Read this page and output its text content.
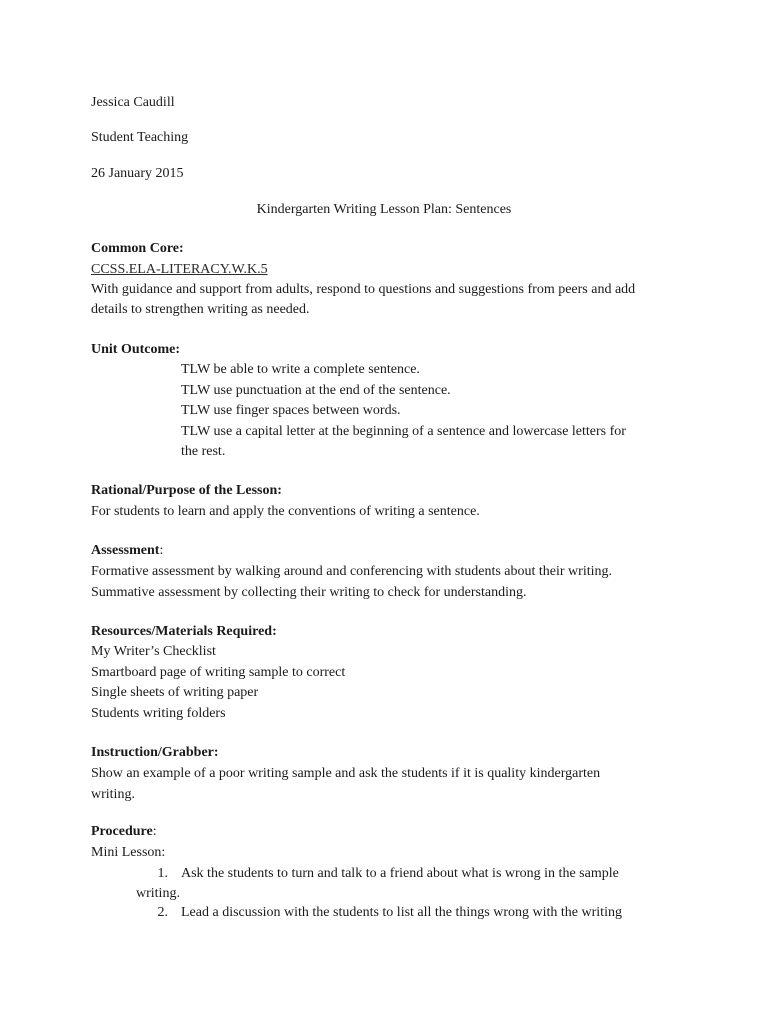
Jessica Caudill
Student Teaching
26 January 2015
Kindergarten Writing Lesson Plan: Sentences
Common Core:
CCSS.ELA-LITERACY.W.K.5
With guidance and support from adults, respond to questions and suggestions from peers and add
details to strengthen writing as needed.
Unit Outcome:
TLW be able to write a complete sentence.
TLW use punctuation at the end of the sentence.
TLW use finger spaces between words.
TLW use a capital letter at the beginning of a sentence and lowercase letters for
the rest.
Rational/Purpose of the Lesson:
For students to learn and apply the conventions of writing a sentence.
Assessment:
Formative assessment by walking around and conferencing with students about their writing.
Summative assessment by collecting their writing to check for understanding.
Resources/Materials Required:
My Writer’s Checklist
Smartboard page of writing sample to correct
Single sheets of writing paper
Students writing folders
Instruction/Grabber:
Show an example of a poor writing sample and ask the students if it is quality kindergarten
writing.
Procedure:
Mini Lesson:
1. Ask the students to turn and talk to a friend about what is wrong in the sample
writing.
2. Lead a discussion with the students to list all the things wrong with the writing
